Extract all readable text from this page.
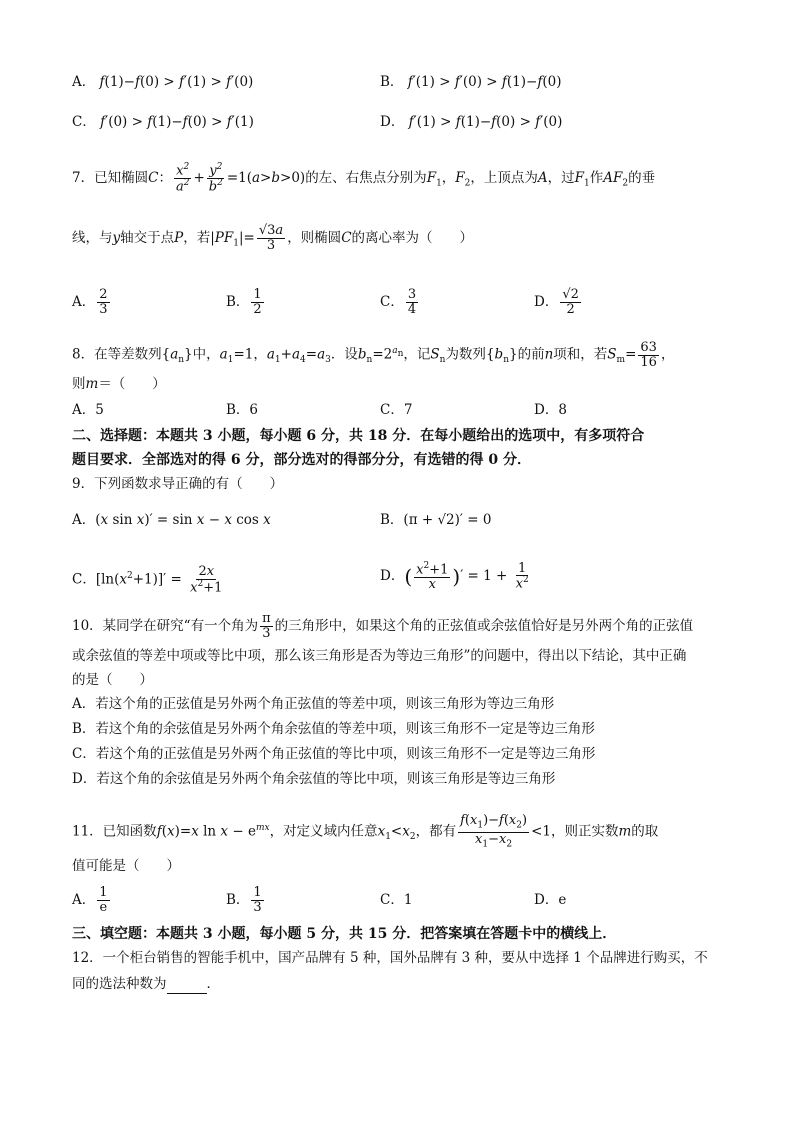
A． f(1)−f(0) > f′(1) > f′(0)	B． f′(1) > f′(0) > f(1)−f(0)
C． f′(0) > f(1)−f(0) > f′(1)	D． f′(1) > f(1)−f(0) > f′(0)
7．已知椭圆C： $\frac{x^2}{a^2} + \frac{y^2}{b^2} =1(a>b>0)$的左、右焦点分别为$F_1$，$F_2$，上顶点为A，过$F_1$作$AF_2$的垂
线，与y轴交于点P，若$|PF_1|= \frac{√3a}{3}$ ，则椭圆C的离心率为（　　）
A． $\frac{2}{3}$	B． $\frac{1}{2}$	C． $\frac{3}{4}$	D． $\frac{√2}{2}$
8．在等差数列$\{a_n\}$中，$a_1=1$，$a_1+a_4=a_3$．设$b_n=2^{a_n}$，记$S_n$为数列$\{b_n\}$的前n项和，若$S_m= \frac{63}{16}$ ，
则m＝（　　）
A．5	B．6	C．7	D．8
二、选择题：本题共 3 小题，每小题 6 分，共 18 分．在每小题给出的选项中，有多项符合
题目要求．全部选对的得 6 分，部分选对的得部分分，有选错的得 0 分．
9．下列函数求导正确的有（　　）
A．(x sin x)′ = sin x − x cos x	B．(π + √2)′ = 0
C．$[\ln(x^2+1)]' = \frac{2x}{x^2+1}$	D．( $\frac{x^2+1}{x}$ )′ = $1 + \frac{1}{x^2}$
10．某同学在研究“有一个角为 $\frac{\pi}{3}$ 的三角形中，如果这个角的正弦值或余弦值恰好是另外两个角的正弦值
或余弦值的等差中项或等比中项，那么该三角形是否为等边三角形”的问题中，得出以下结论，其中正确
的是（　　）
A．若这个角的正弦值是另外两个角正弦值的等差中项，则该三角形为等边三角形
B．若这个角的余弦值是另外两个角余弦值的等差中项，则该三角形不一定是等边三角形
C．若这个角的正弦值是另外两个角正弦值的等比中项，则该三角形不一定是等边三角形
D．若这个角的余弦值是另外两个角余弦值的等比中项，则该三角形是等边三角形
11．已知函数f(x)=x $\ln x - e^{mx}$，对定义域内任意$x_1<x_2$，都有 $\frac{f(x_1)-f(x_2)}{x_1-x_2} <1$，则正实数m的取
值可能是（　　）
A． $\frac{1}{e}$	B． $\frac{1}{3}$	C．1	D．e
三、填空题：本题共 3 小题，每小题 5 分，共 15 分．把答案填在答题卡中的横线上．
12．一个柜台销售的智能手机中，国产品牌有 5 种，国外品牌有 3 种，要从中选择 1 个品牌进行购买，不
同的选法种数为	．
